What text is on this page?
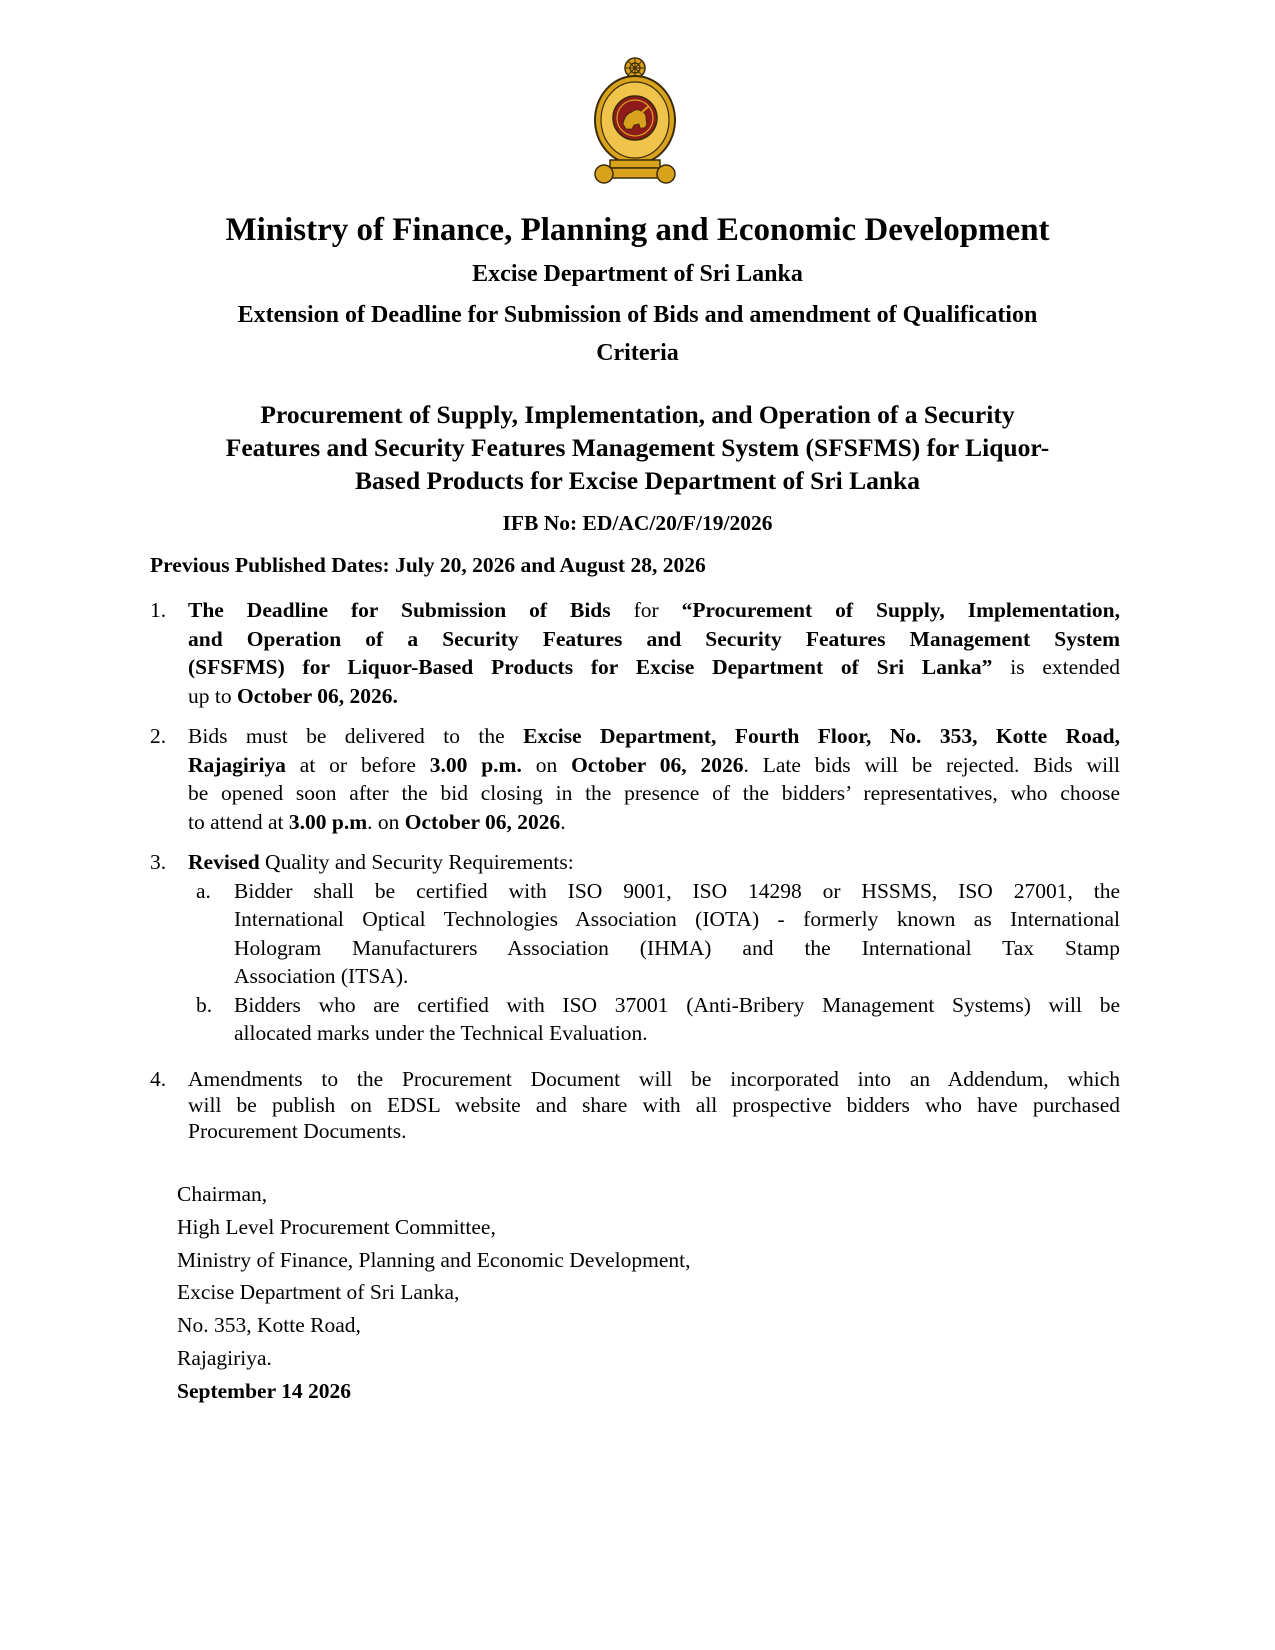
Ministry of Finance, Planning and Economic Development
Excise Department of Sri Lanka
Extension of Deadline for Submission of Bids and amendment of Qualification
Criteria
Procurement of Supply, Implementation, and Operation of a Security
Features and Security Features Management System (SFSFMS) for Liquor-
Based Products for Excise Department of Sri Lanka
IFB No: ED/AC/20/F/19/2026
Previous Published Dates: July 20, 2026 and August 28, 2026
1.	The Deadline for Submission of Bids for “Procurement of Supply, Implementation,
and Operation of a Security Features and Security Features Management System
(SFSFMS) for Liquor-Based Products for Excise Department of Sri Lanka” is extended
up to October 06, 2026.
2.	Bids must be delivered to the Excise Department, Fourth Floor, No. 353, Kotte Road,
Rajagiriya at or before 3.00 p.m. on October 06, 2026. Late bids will be rejected. Bids will
be opened soon after the bid closing in the presence of the bidders’ representatives, who choose
to attend at 3.00 p.m. on October 06, 2026.
3.	Revised Quality and Security Requirements:
a.	Bidder shall be certified with ISO 9001, ISO 14298 or HSSMS, ISO 27001, the
International Optical Technologies Association (IOTA) - formerly known as International
Hologram Manufacturers Association (IHMA) and the International Tax Stamp
Association (ITSA).
b.	Bidders who are certified with ISO 37001 (Anti-Bribery Management Systems) will be
allocated marks under the Technical Evaluation.
4.	Amendments to the Procurement Document will be incorporated into an Addendum, which
will be publish on EDSL website and share with all prospective bidders who have purchased
Procurement Documents.
Chairman,
High Level Procurement Committee,
Ministry of Finance, Planning and Economic Development,
Excise Department of Sri Lanka,
No. 353, Kotte Road,
Rajagiriya.
September 14 2026
